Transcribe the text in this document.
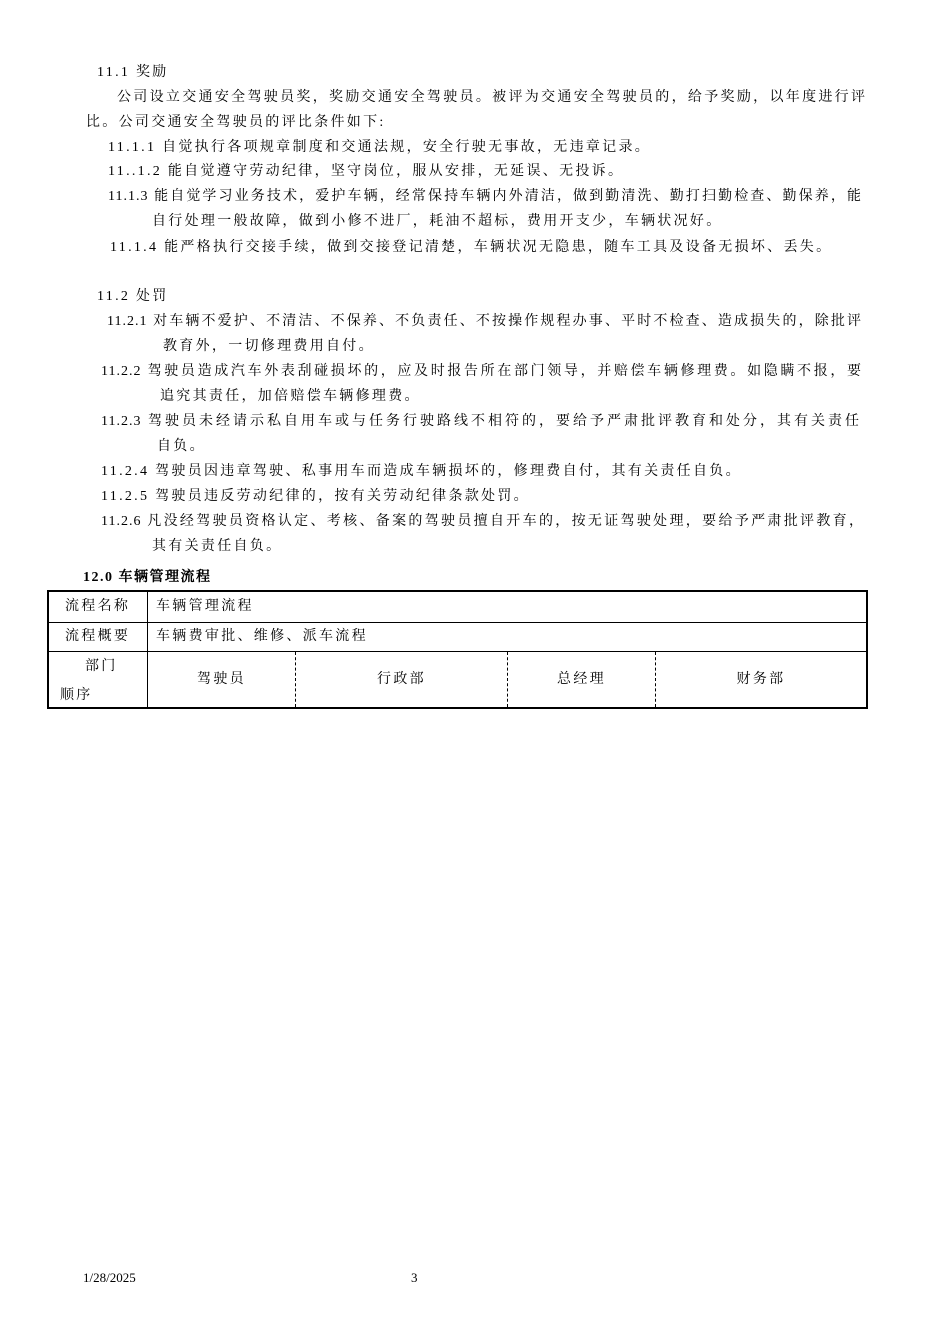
11.1 奖励
公司设立交通安全驾驶员奖，奖励交通安全驾驶员。被评为交通安全驾驶员的，给予奖励，以年度进行评
比。公司交通安全驾驶员的评比条件如下:
11.1.1 自觉执行各项规章制度和交通法规，安全行驶无事故，无违章记录。
11..1.2 能自觉遵守劳动纪律，坚守岗位，服从安排，无延误、无投诉。
11.1.3 能自觉学习业务技术，爱护车辆，经常保持车辆内外清洁，做到勤清洗、勤打扫勤检查、勤保养，能
自行处理一般故障，做到小修不进厂，耗油不超标，费用开支少，车辆状况好。
11.1.4 能严格执行交接手续，做到交接登记清楚，车辆状况无隐患，随车工具及设备无损坏、丢失。
11.2 处罚
11.2.1 对车辆不爱护、不清洁、不保养、不负责任、不按操作规程办事、平时不检查、造成损失的，除批评
教育外，一切修理费用自付。
11.2.2 驾驶员造成汽车外表刮碰损坏的，应及时报告所在部门领导，并赔偿车辆修理费。如隐瞒不报，要
追究其责任，加倍赔偿车辆修理费。
11.2.3 驾驶员未经请示私自用车或与任务行驶路线不相符的，要给予严肃批评教育和处分，其有关责任
自负。
11.2.4 驾驶员因违章驾驶、私事用车而造成车辆损坏的，修理费自付，其有关责任自负。
11.2.5 驾驶员违反劳动纪律的，按有关劳动纪律条款处罚。
11.2.6 凡没经驾驶员资格认定、考核、备案的驾驶员擅自开车的，按无证驾驶处理，要给予严肃批评教育，
其有关责任自负。
12.0 车辆管理流程
流程名称	车辆管理流程
流程概要	车辆费审批、维修、派车流程
部门
顺序
驾驶员	行政部	总经理	财务部
1/28/2025	3
